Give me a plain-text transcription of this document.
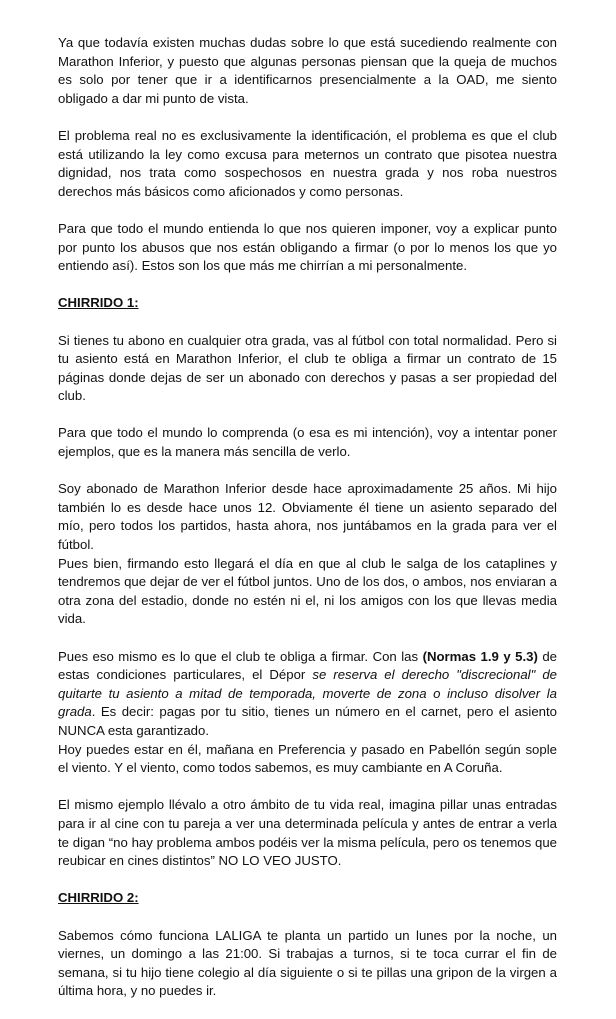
Ya que todavía existen muchas dudas sobre lo que está sucediendo realmente con Marathon Inferior, y puesto que algunas personas piensan que la queja de muchos es solo por tener que ir a identificarnos presencialmente a la OAD, me siento obligado a dar mi punto de vista.

El problema real no es exclusivamente la identificación, el problema es que el club está utilizando la ley como excusa para meternos un contrato que pisotea nuestra dignidad, nos trata como sospechosos en nuestra grada y nos roba nuestros derechos más básicos como aficionados y como personas.

Para que todo el mundo entienda lo que nos quieren imponer, voy a explicar punto por punto los abusos que nos están obligando a firmar (o por lo menos los que yo entiendo así). Estos son los que más me chirrían a mi personalmente.

CHIRRIDO 1:

Si tienes tu abono en cualquier otra grada, vas al fútbol con total normalidad. Pero si tu asiento está en Marathon Inferior, el club te obliga a firmar un contrato de 15 páginas donde dejas de ser un abonado con derechos y pasas a ser propiedad del club.

Para que todo el mundo lo comprenda (o esa es mi intención), voy a intentar poner ejemplos, que es la manera más sencilla de verlo.

Soy abonado de Marathon Inferior desde hace aproximadamente 25 años. Mi hijo también lo es desde hace unos 12. Obviamente él tiene un asiento separado del mío, pero todos los partidos, hasta ahora, nos juntábamos en la grada para ver el fútbol.

Pues bien, firmando esto llegará el día en que al club le salga de los cataplines y tendremos que dejar de ver el fútbol juntos. Uno de los dos, o ambos, nos enviaran a otra zona del estadio, donde no estén ni el, ni los amigos con los que llevas media vida.

Pues eso mismo es lo que el club te obliga a firmar. Con las (Normas 1.9 y 5.3) de estas condiciones particulares, el Dépor se reserva el derecho "discrecional" de quitarte tu asiento a mitad de temporada, moverte de zona o incluso disolver la grada. Es decir: pagas por tu sitio, tienes un número en el carnet, pero el asiento NUNCA esta garantizado.

Hoy puedes estar en él, mañana en Preferencia y pasado en Pabellón según sople el viento. Y el viento, como todos sabemos, es muy cambiante en A Coruña.

El mismo ejemplo llévalo a otro ámbito de tu vida real, imagina pillar unas entradas para ir al cine con tu pareja a ver una determinada película y antes de entrar a verla te digan “no hay problema ambos podéis ver la misma película, pero os tenemos que reubicar en cines distintos” NO LO VEO JUSTO.

CHIRRIDO 2:

Sabemos cómo funciona LALIGA te planta un partido un lunes por la noche, un viernes, un domingo a las 21:00. Si trabajas a turnos, si te toca currar el fin de semana, si tu hijo tiene colegio al día siguiente o si te pillas una gripon de la virgen a última hora, y no puedes ir.
